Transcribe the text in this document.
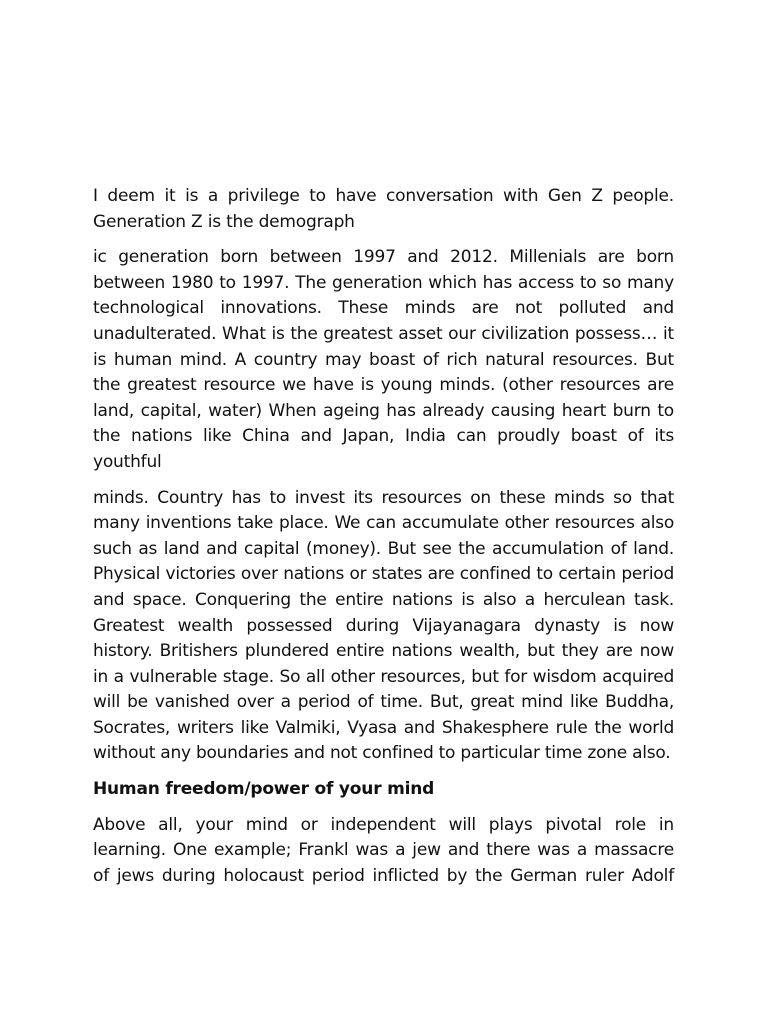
I deem it is a privilege to have conversation with Gen Z people. Generation Z is the demograph

ic generation born between 1997 and 2012. Millenials are born between 1980 to 1997. The generation which has access to so many technological innovations. These minds are not polluted and unadulterated. What is the greatest asset our civilization possess… it is human mind. A country may boast of rich natural resources. But the greatest resource we have is young minds. (other resources are land, capital, water) When ageing has already causing heart burn to the nations like China and Japan, India can proudly boast of its youthful

minds. Country has to invest its resources on these minds so that many inventions take place. We can accumulate other resources also such as land and capital (money). But see the accumulation of land. Physical victories over nations or states are confined to certain period and space. Conquering the entire nations is also a herculean task. Greatest wealth possessed during Vijayanagara dynasty is now history. Britishers plundered entire nations wealth, but they are now in a vulnerable stage. So all other resources, but for wisdom acquired will be vanished over a period of time. But, great mind like Buddha, Socrates, writers like Valmiki, Vyasa and Shakesphere rule the world without any boundaries and not confined to particular time zone also.

Human freedom/power of your mind

Above all, your mind or independent will plays pivotal role in learning. One example; Frankl was a jew and there was a massacre of jews during holocaust period inflicted by the German ruler Adolf
